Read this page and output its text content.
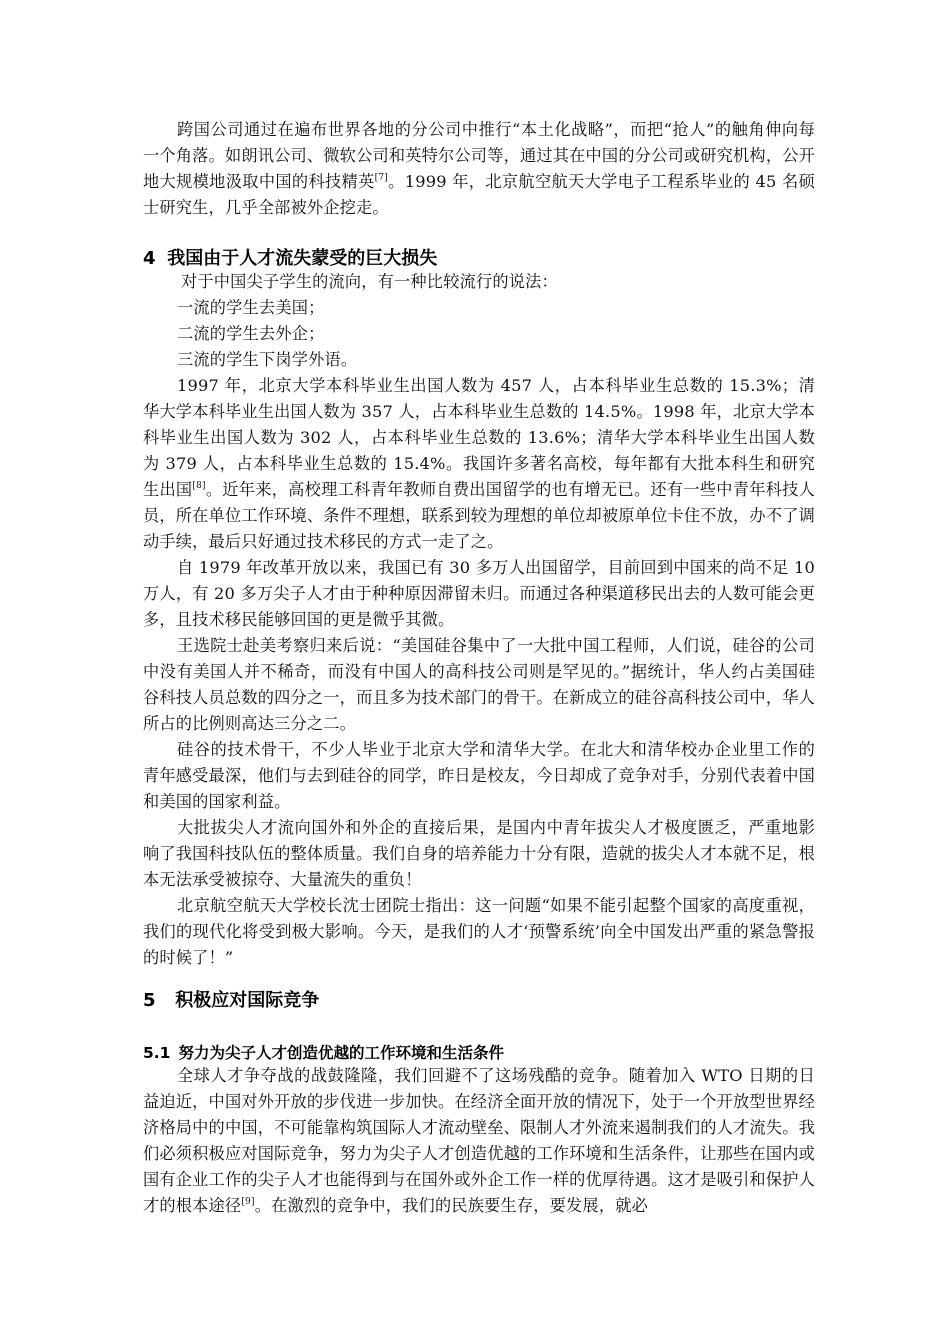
跨国公司通过在遍布世界各地的分公司中推行“本土化战略”，而把“抢人”的触角伸向每一个角落。如朗讯公司、微软公司和英特尔公司等，通过其在中国的分公司或研究机构，公开地大规模地汲取中国的科技精英[7]。1999 年，北京航空航天大学电子工程系毕业的 45 名硕士研究生，几乎全部被外企挖走。

4 我国由于人才流失蒙受的巨大损失

对于中国尖子学生的流向，有一种比较流行的说法：

一流的学生去美国；

二流的学生去外企；

三流的学生下岗学外语。

1997 年，北京大学本科毕业生出国人数为 457 人，占本科毕业生总数的 15.3%；清华大学本科毕业生出国人数为 357 人，占本科毕业生总数的 14.5%。1998 年，北京大学本科毕业生出国人数为 302 人，占本科毕业生总数的 13.6%；清华大学本科毕业生出国人数为 379 人，占本科毕业生总数的 15.4%。我国许多著名高校，每年都有大批本科生和研究生出国[8]。近年来，高校理工科青年教师自费出国留学的也有增无已。还有一些中青年科技人员，所在单位工作环境、条件不理想，联系到较为理想的单位却被原单位卡住不放，办不了调动手续，最后只好通过技术移民的方式一走了之。

自 1979 年改革开放以来，我国已有 30 多万人出国留学，目前回到中国来的尚不足 10 万人，有 20 多万尖子人才由于种种原因滞留未归。而通过各种渠道移民出去的人数可能会更多，且技术移民能够回国的更是微乎其微。

王选院士赴美考察归来后说：“美国硅谷集中了一大批中国工程师，人们说，硅谷的公司中没有美国人并不稀奇，而没有中国人的高科技公司则是罕见的。”据统计，华人约占美国硅谷科技人员总数的四分之一，而且多为技术部门的骨干。在新成立的硅谷高科技公司中，华人所占的比例则高达三分之二。

硅谷的技术骨干，不少人毕业于北京大学和清华大学。在北大和清华校办企业里工作的青年感受最深，他们与去到硅谷的同学，昨日是校友，今日却成了竞争对手，分别代表着中国和美国的国家利益。

大批拔尖人才流向国外和外企的直接后果，是国内中青年拔尖人才极度匮乏，严重地影响了我国科技队伍的整体质量。我们自身的培养能力十分有限，造就的拔尖人才本就不足，根本无法承受被掠夺、大量流失的重负！

北京航空航天大学校长沈士团院士指出：这一问题“如果不能引起整个国家的高度重视，我们的现代化将受到极大影响。今天，是我们的人才‘预警系统’向全中国发出严重的紧急警报的时候了！”

5 积极应对国际竞争
5.1 努力为尖子人才创造优越的工作环境和生活条件

全球人才争夺战的战鼓隆隆，我们回避不了这场残酷的竞争。随着加入 WTO 日期的日益迫近，中国对外开放的步伐进一步加快。在经济全面开放的情况下，处于一个开放型世界经济格局中的中国，不可能靠构筑国际人才流动壁垒、限制人才外流来遏制我们的人才流失。我们必须积极应对国际竞争，努力为尖子人才创造优越的工作环境和生活条件，让那些在国内或国有企业工作的尖子人才也能得到与在国外或外企工作一样的优厚待遇。这才是吸引和保护人才的根本途径[9]。在激烈的竞争中，我们的民族要生存，要发展，就必
